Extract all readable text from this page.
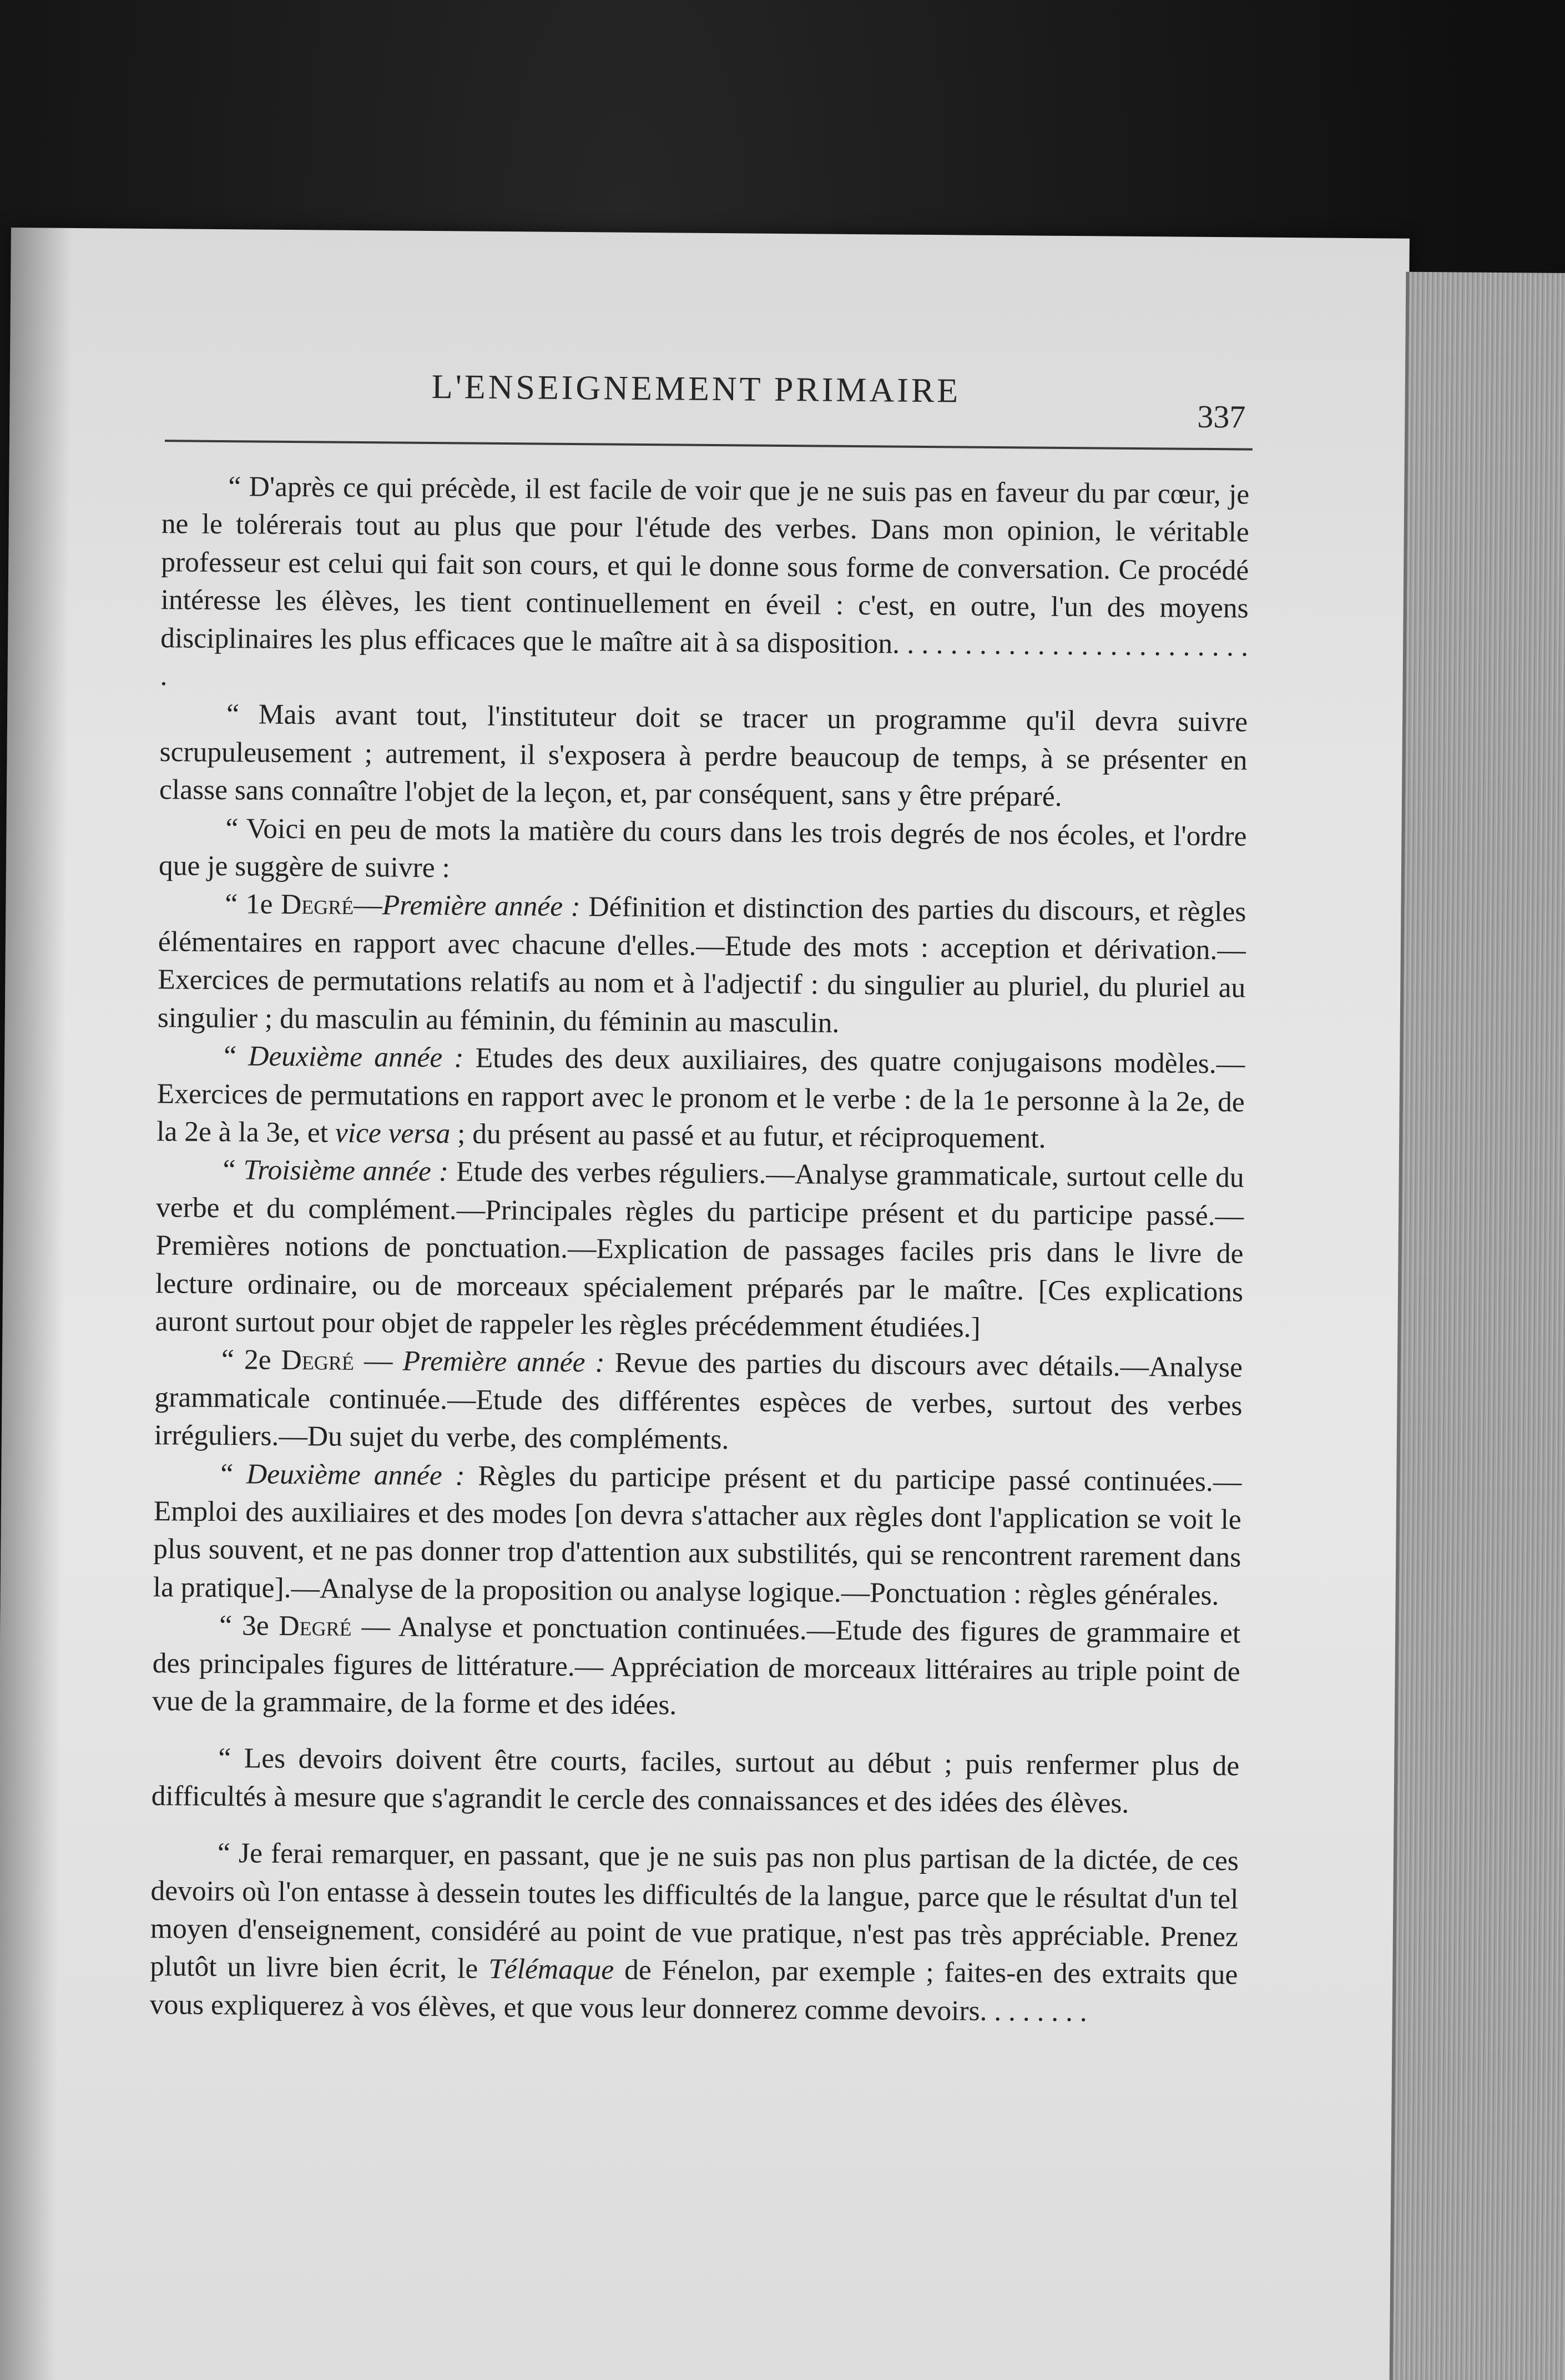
L'ENSEIGNEMENT PRIMAIRE
337

“ D'après ce qui précède, il est facile de voir que je ne suis pas en faveur du par cœur, je ne le tolérerais tout au plus que pour l'étude des verbes. Dans mon opinion, le véritable professeur est celui qui fait son cours, et qui le donne sous forme de conversation. Ce procédé intéresse les élèves, les tient continuellement en éveil : c'est, en outre, l'un des moyens disciplinaires les plus efficaces que le maître ait à sa disposition. . . . . . . . . . . . . . . . . . . . . . . . . .

“ Mais avant tout, l'instituteur doit se tracer un programme qu'il devra suivre scrupuleusement ; autrement, il s'exposera à perdre beaucoup de temps, à se présenter en classe sans connaître l'objet de la leçon, et, par conséquent, sans y être préparé.

“ Voici en peu de mots la matière du cours dans les trois degrés de nos écoles, et l'ordre que je suggère de suivre :

“ 1e Degré—Première année : Définition et distinction des parties du discours, et règles élémentaires en rapport avec chacune d'elles.—Etude des mots : acception et dérivation.—Exercices de permutations relatifs au nom et à l'adjectif : du singulier au pluriel, du pluriel au singulier ; du masculin au féminin, du féminin au masculin.

“ Deuxième année : Etudes des deux auxiliaires, des quatre conjugaisons modèles.—Exercices de permutations en rapport avec le pronom et le verbe : de la 1e personne à la 2e, de la 2e à la 3e, et vice versa ; du présent au passé et au futur, et réciproquement.

“ Troisième année : Etude des verbes réguliers.—Analyse grammaticale, surtout celle du verbe et du complément.—Principales règles du participe présent et du participe passé.—Premières notions de ponctuation.—Explication de passages faciles pris dans le livre de lecture ordinaire, ou de morceaux spécialement préparés par le maître. [Ces explications auront surtout pour objet de rappeler les règles précédemment étudiées.]

“ 2e Degré — Première année : Revue des parties du discours avec détails.—Analyse grammaticale continuée.—Etude des différentes espèces de verbes, surtout des verbes irréguliers.—Du sujet du verbe, des compléments.

“ Deuxième année : Règles du participe présent et du participe passé continuées.—Emploi des auxiliaires et des modes [on devra s'attacher aux règles dont l'application se voit le plus souvent, et ne pas donner trop d'attention aux substilités, qui se rencontrent rarement dans la pratique].—Analyse de la proposition ou analyse logique.—Ponctuation : règles générales.

“ 3e Degré — Analyse et ponctuation continuées.—Etude des figures de grammaire et des principales figures de littérature.— Appréciation de morceaux littéraires au triple point de vue de la grammaire, de la forme et des idées.

“ Les devoirs doivent être courts, faciles, surtout au début ; puis renfermer plus de difficultés à mesure que s'agrandit le cercle des connaissances et des idées des élèves.

“ Je ferai remarquer, en passant, que je ne suis pas non plus partisan de la dictée, de ces devoirs où l'on entasse à dessein toutes les difficultés de la langue, parce que le résultat d'un tel moyen d'enseignement, considéré au point de vue pratique, n'est pas très appréciable. Prenez plutôt un livre bien écrit, le Télémaque de Fénelon, par exemple ; faites-en des extraits que vous expliquerez à vos élèves, et que vous leur donnerez comme devoirs. . . . . . . .
